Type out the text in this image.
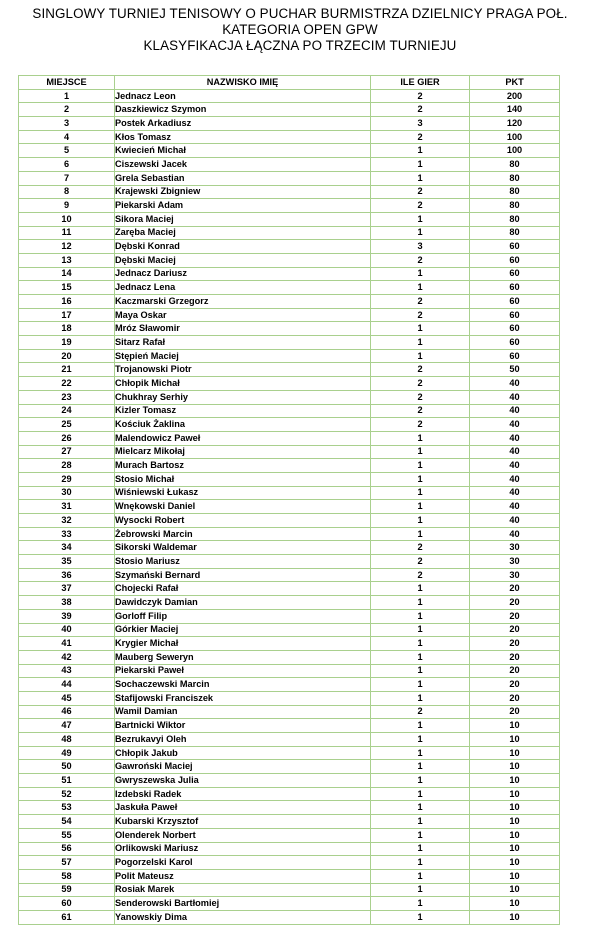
SINGLOWY TURNIEJ TENISOWY O PUCHAR BURMISTRZA DZIELNICY PRAGA POŁ.
KATEGORIA OPEN GPW
KLASYFIKACJA ŁĄCZNA PO TRZECIM TURNIEJU
MIEJSCE	NAZWISKO IMIĘ	ILE GIER	PKT
1	Jednacz Leon	2	200
2	Daszkiewicz Szymon	2	140
3	Postek Arkadiusz	3	120
4	Kłos Tomasz	2	100
5	Kwiecień Michał	1	100
6	Ciszewski Jacek	1	80
7	Grela Sebastian	1	80
8	Krajewski Zbigniew	2	80
9	Piekarski Adam	2	80
10	Sikora Maciej	1	80
11	Zaręba Maciej	1	80
12	Dębski Konrad	3	60
13	Dębski Maciej	2	60
14	Jednacz Dariusz	1	60
15	Jednacz Lena	1	60
16	Kaczmarski Grzegorz	2	60
17	Maya Oskar	2	60
18	Mróz Sławomir	1	60
19	Sitarz Rafał	1	60
20	Stępień Maciej	1	60
21	Trojanowski Piotr	2	50
22	Chłopik Michał	2	40
23	Chukhray Serhiy	2	40
24	Kizler Tomasz	2	40
25	Kościuk Żaklina	2	40
26	Malendowicz Paweł	1	40
27	Mielcarz Mikołaj	1	40
28	Murach Bartosz	1	40
29	Stosio Michał	1	40
30	Wiśniewski Łukasz	1	40
31	Wnękowski Daniel	1	40
32	Wysocki Robert	1	40
33	Żebrowski Marcin	1	40
34	Sikorski Waldemar	2	30
35	Stosio Mariusz	2	30
36	Szymański Bernard	2	30
37	Chojecki Rafał	1	20
38	Dawidczyk Damian	1	20
39	Gorloff Filip	1	20
40	Górkier Maciej	1	20
41	Krygier Michał	1	20
42	Mauberg Seweryn	1	20
43	Piekarski Paweł	1	20
44	Sochaczewski Marcin	1	20
45	Stafijowski Franciszek	1	20
46	Wamil Damian	2	20
47	Bartnicki Wiktor	1	10
48	Bezrukavyi Oleh	1	10
49	Chłopik Jakub	1	10
50	Gawroński Maciej	1	10
51	Gwryszewska Julia	1	10
52	Izdebski Radek	1	10
53	Jaskuła Paweł	1	10
54	Kubarski Krzysztof	1	10
55	Olenderek Norbert	1	10
56	Orlikowski Mariusz	1	10
57	Pogorzelski Karol	1	10
58	Polit Mateusz	1	10
59	Rosiak Marek	1	10
60	Senderowski Bartłomiej	1	10
61	Yanowskiy Dima	1	10
